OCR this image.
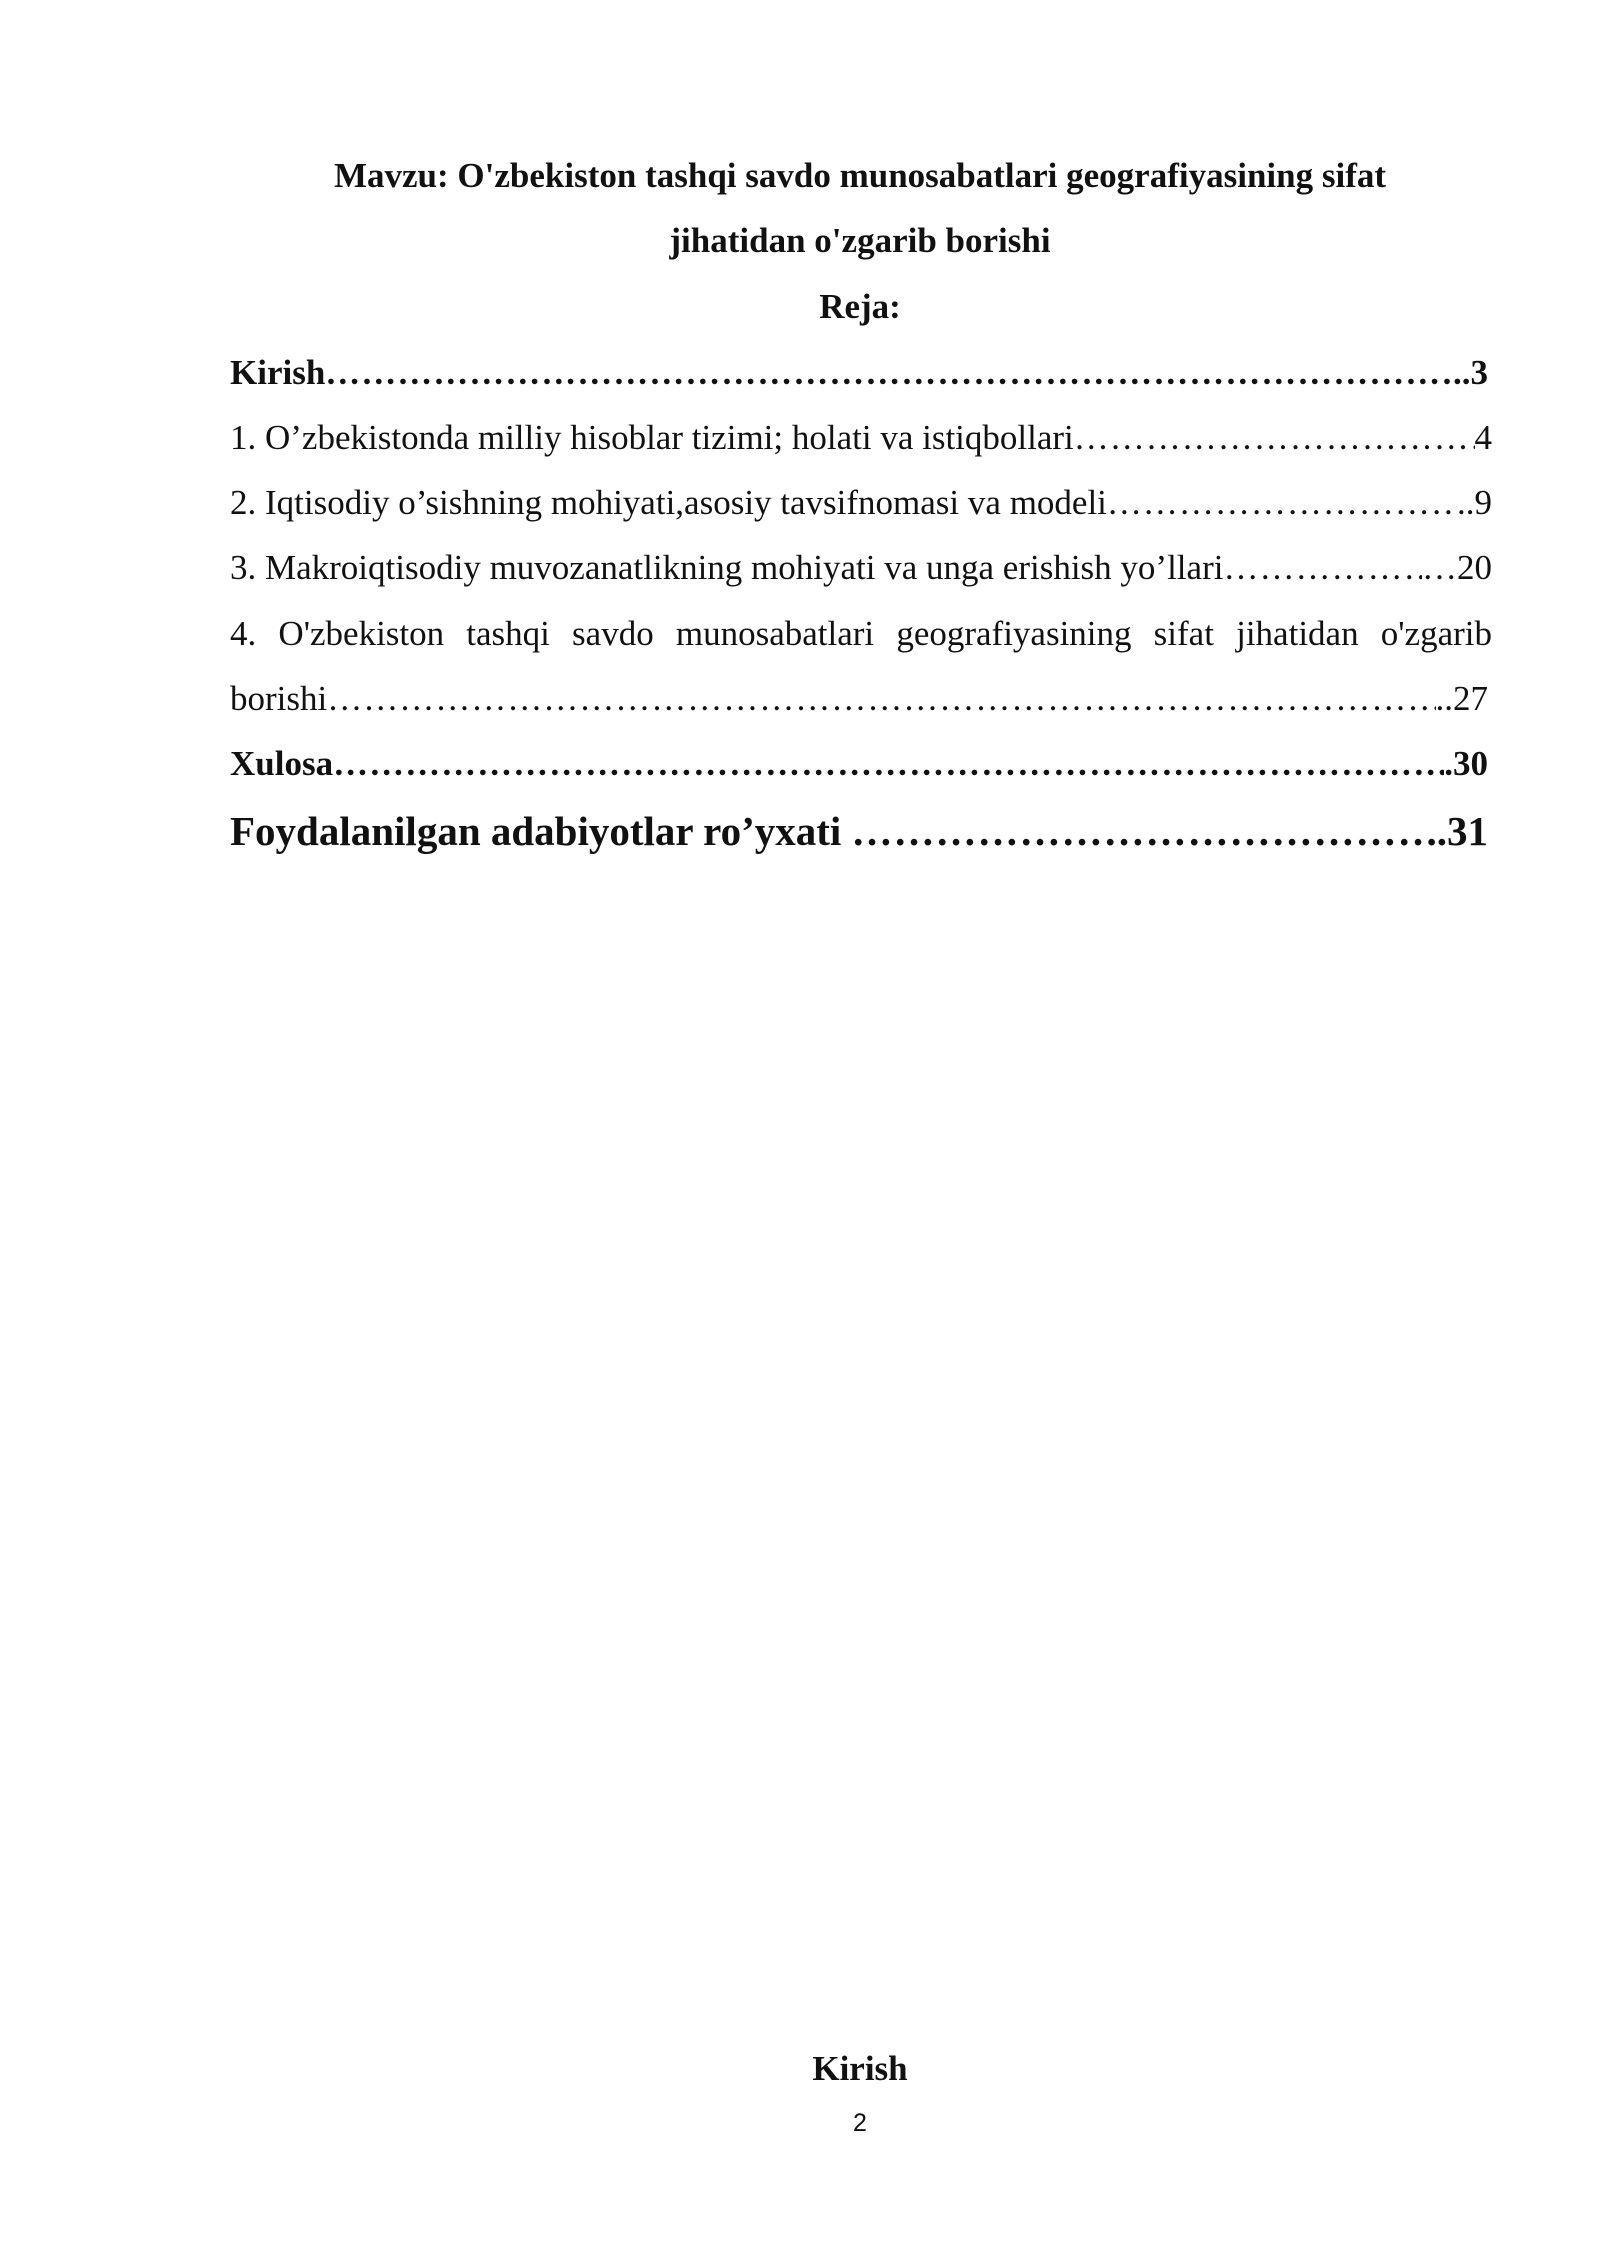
Mavzu: O'zbekiston tashqi savdo munosabatlari geografiyasining sifat
jihatidan o'zgarib borishi
Reja:
Kirish ……………………………………………………………………………………………………………………………………………………………………………………………………	..3
1. O’zbekistonda milliy hisoblar tizimi; holati va istiqbollari ……………………………………………………………………………………………………………………………………………………………………………………………………	4
2. Iqtisodiy o’sishning mohiyati,asosiy tavsifnomasi va modeli ……………………………………………………………………………………………………………………………………………………………………………………………………	..9
3. Makroiqtisodiy muvozanatlikning mohiyati va unga erishish yo’llari ……………………………………………………………………………………………………………………………………………………………………………………………………	…20
4. O'zbekiston tashqi savdo munosabatlari geografiyasining sifat jihatidan o'zgarib
borishi ……………………………………………………………………………………………………………………………………………………………………………………………………	..27
Xulosa ……………………………………………………………………………………………………………………………………………………………………………………………………	.30
Foydalanilgan adabiyotlar ro’yxati ……………………………………………………………………………………………………………………………………………………………………………………………………	..31
Kirish
2
